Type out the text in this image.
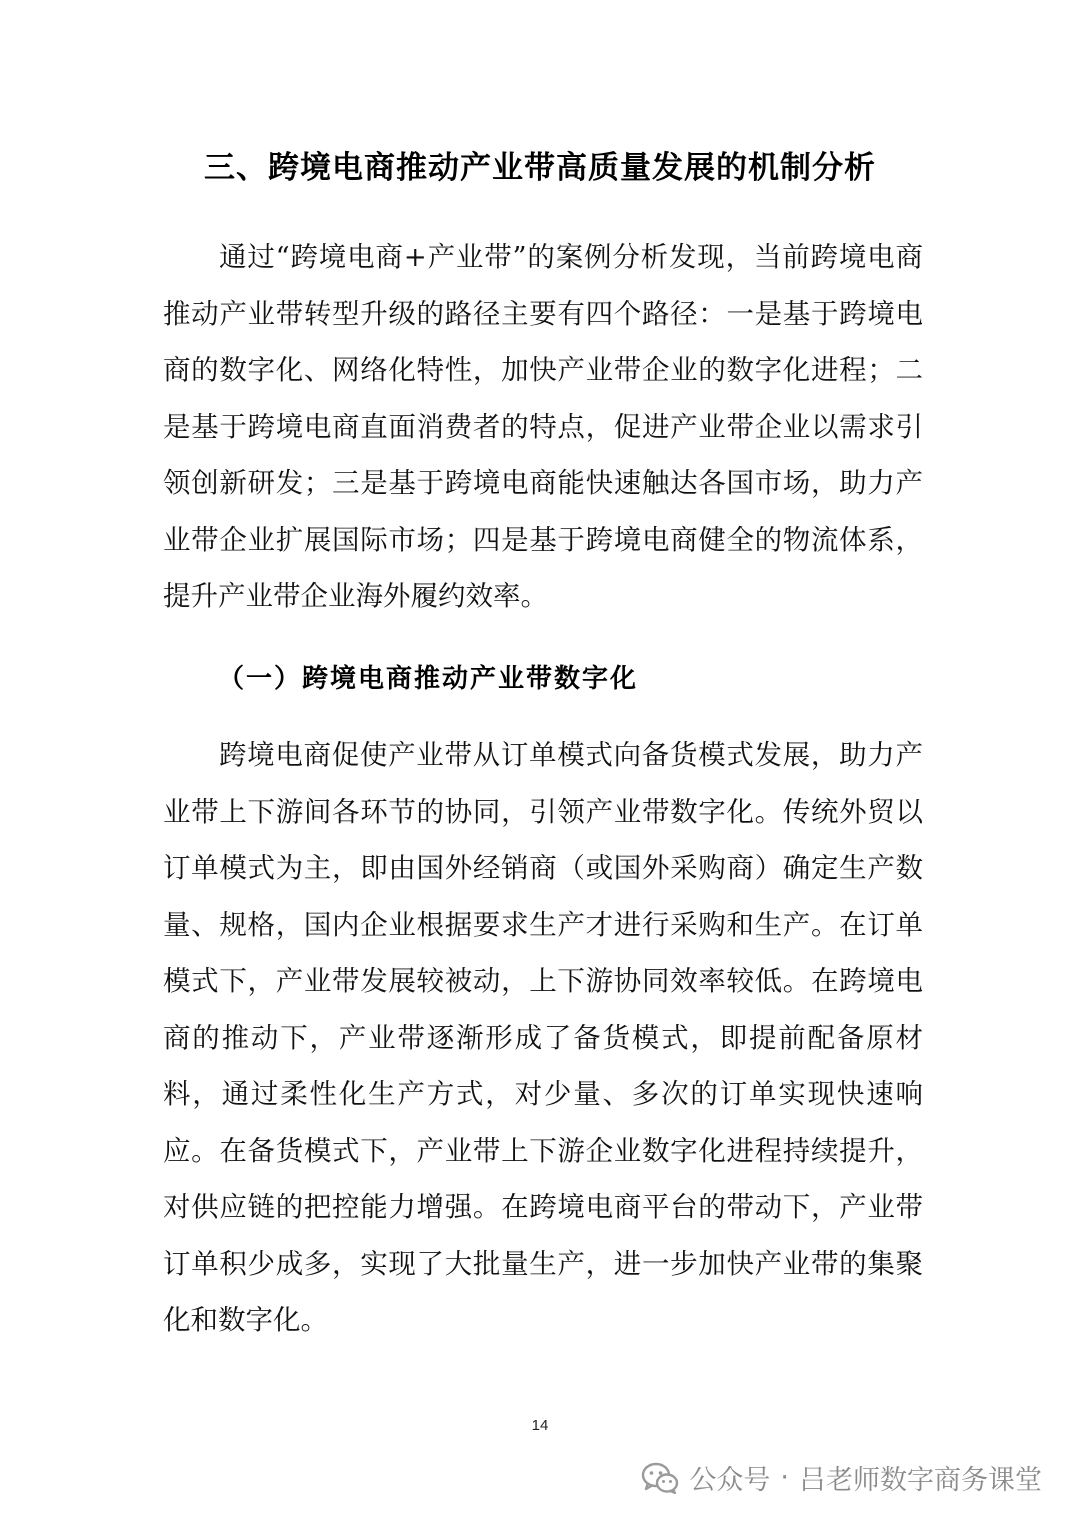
三、跨境电商推动产业带高质量发展的机制分析

通过“跨境电商+产业带”的案例分析发现，当前跨境电商推动产业带转型升级的路径主要有四个路径：一是基于跨境电商的数字化、网络化特性，加快产业带企业的数字化进程；二是基于跨境电商直面消费者的特点，促进产业带企业以需求引领创新研发；三是基于跨境电商能快速触达各国市场，助力产业带企业扩展国际市场；四是基于跨境电商健全的物流体系，提升产业带企业海外履约效率。

（一）跨境电商推动产业带数字化

跨境电商促使产业带从订单模式向备货模式发展，助力产业带上下游间各环节的协同，引领产业带数字化。传统外贸以订单模式为主，即由国外经销商（或国外采购商）确定生产数量、规格，国内企业根据要求生产才进行采购和生产。在订单模式下，产业带发展较被动，上下游协同效率较低。在跨境电商的推动下，产业带逐渐形成了备货模式，即提前配备原材料，通过柔性化生产方式，对少量、多次的订单实现快速响应。在备货模式下，产业带上下游企业数字化进程持续提升，对供应链的把控能力增强。在跨境电商平台的带动下，产业带订单积少成多，实现了大批量生产，进一步加快产业带的集聚化和数字化。

14
公众号 · 吕老师数字商务课堂
